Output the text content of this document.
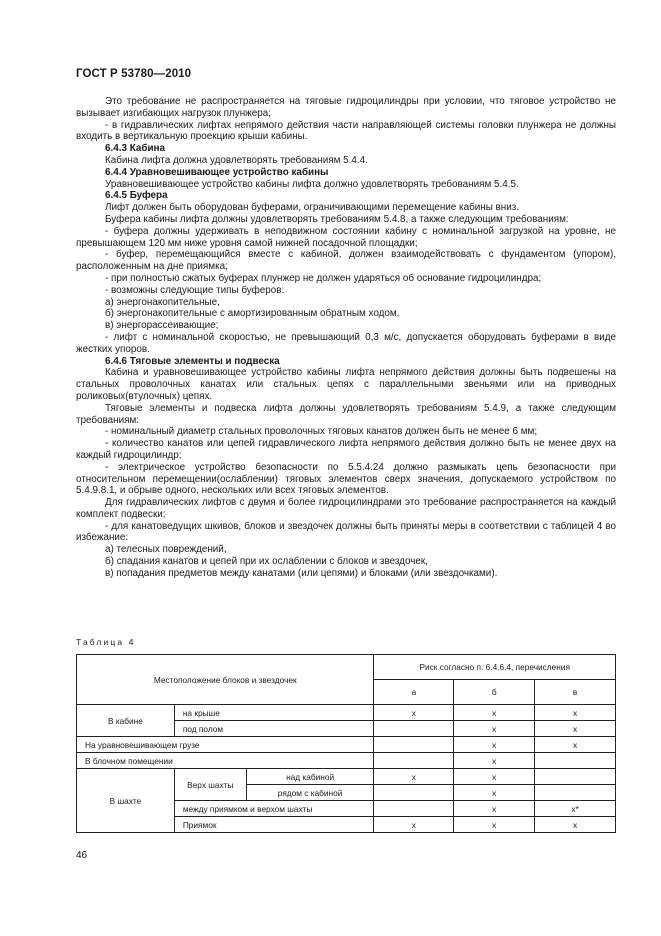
ГОСТ Р 53780—2010

Это требование не распространяется на тяговые гидроцилиндры при условии, что тяговое устройство не вызывает изгибающих нагрузок плунжера;

- в гидравлических лифтах непрямого действия части направляющей системы головки плунжера не должны входить в вертикальную проекцию крыши кабины.

6.4.3 Кабина

Кабина лифта должна удовлетворять требованиям 5.4.4.

6.4.4 Уравновешивающее устройство кабины

Уравновешивающее устройство кабины лифта должно удовлетворять требованиям 5.4.5.

6.4.5 Буфера

Лифт должен быть оборудован буферами, ограничивающими перемещение кабины вниз.

Буфера кабины лифта должны удовлетворять требованиям 5.4.8, а также следующим требованиям:

- буфера должны удерживать в неподвижном состоянии кабину с номинальной загрузкой на уровне, не превышающем 120 мм ниже уровня самой нижней посадочной площадки;

- буфер, перемещающийся вместе с кабиной, должен взаимодействовать с фундаментом (упором), расположенным на дне приямка;

- при полностью сжатых буферах плунжер не должен ударяться об основание гидроцилиндра;

- возможны следующие типы буферов:

а) энергонакопительные,

б) энергонакопительные с амортизированным обратным ходом,

в) энергорассеивающие;

- лифт с номинальной скоростью, не превышающий 0,3 м/с, допускается оборудовать буферами в виде жестких упоров.

6.4.6 Тяговые элементы и подвеска

Кабина и уравновешивающее устройство кабины лифта непрямого действия должны быть подвешены на стальных проволочных канатах или стальных цепях с параллельными звеньями или на приводных роликовых(втулочных) цепях.

Тяговые элементы и подвеска лифта должны удовлетворять требованиям 5.4.9, а также следующим требованиям:

- номинальный диаметр стальных проволочных тяговых канатов должен быть не менее 6 мм;

- количество канатов или цепей гидравлического лифта непрямого действия должно быть не менее двух на каждый гидроцилиндр;

- электрическое устройство безопасности по 5.5.4.24 должно размыкать цепь безопасности при относительном перемещении(ослаблении) тяговых элементов сверх значения, допускаемого устройством по 5.4.9.8.1, и обрыве одного, нескольких или всех тяговых элементов.

Для гидравлических лифтов с двумя и более гидроцилиндрами это требование распространяется на каждый комплект подвески;

- для канатоведущих шкивов, блоков и звездочек должны быть приняты меры в соответствии с таблицей 4 во избежание:

а) телесных повреждений,

б) спадания канатов и цепей при их ослаблении с блоков и звездочек,

в) попадания предметов между канатами (или цепями) и блоками (или звездочками).

Таблица 4
Местоположение блоков и звездочек			Риск согласно п. 6.4.6.4, перечисления		
			а	б	в
В кабине	на крыше		x	x	x
	под полом			x	x
На уравновешивающем грузе				x	x
В блочном помещении				x	
В шахте	Верх шахты	над кабиной	x	x	
		рядом с кабиной		x	
	между приямком и верхом шахты			x	x*
	Приямок		x	x	x
46
